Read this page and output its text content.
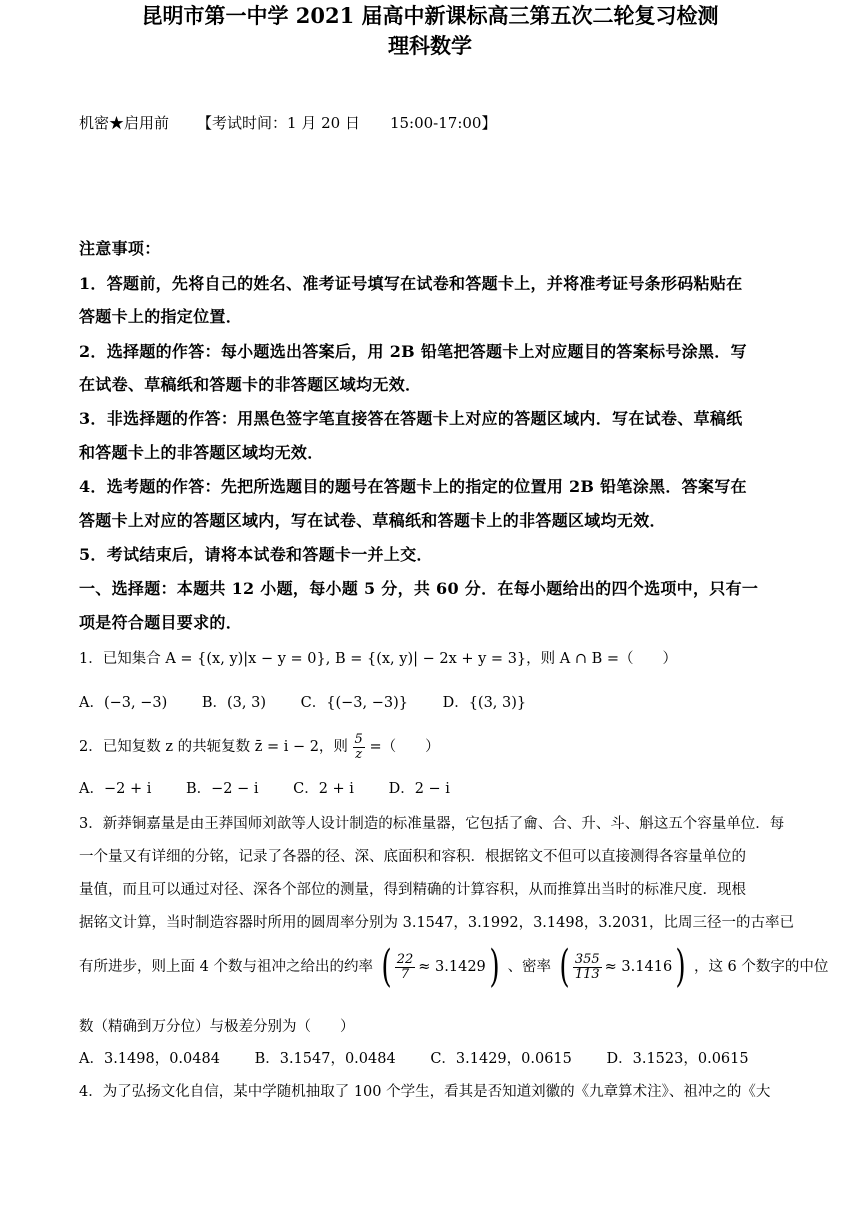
机密★启用前 【考试时间：1 月 20 日　　15:00-17:00】
昆明市第一中学 2021 届高中新课标高三第五次二轮复习检测
理科数学
注意事项：
1．答题前，先将自己的姓名、准考证号填写在试卷和答题卡上，并将准考证号条形码粘贴在
答题卡上的指定位置．
2．选择题的作答：每小题选出答案后，用 2B 铅笔把答题卡上对应题目的答案标号涂黑．写
在试卷、草稿纸和答题卡的非答题区域均无效．
3．非选择题的作答：用黑色签字笔直接答在答题卡上对应的答题区域内．写在试卷、草稿纸
和答题卡上的非答题区域均无效．
4．选考题的作答：先把所选题目的题号在答题卡上的指定的位置用 2B 铅笔涂黑．答案写在
答题卡上对应的答题区域内，写在试卷、草稿纸和答题卡上的非答题区域均无效．
5．考试结束后，请将本试卷和答题卡一并上交．
一、选择题：本题共 12 小题，每小题 5 分，共 60 分．在每小题给出的四个选项中，只有一
项是符合题目要求的．
1．已知集合 A = {(x, y)|x − y = 0}, B = {(x, y)| − 2x + y = 3}，则 A ∩ B =（　　）
A．(−3, −3) B．(3, 3) C．{(−3, −3)} D．{(3, 3)}
2．已知复数 z 的共轭复数 z̄ = i − 2，则 $\frac{5}{z}$ =（　　）
A．−2 + i B．−2 − i C．2 + i D．2 − i
3．新莽铜嘉量是由王莽国师刘歆等人设计制造的标准量器，它包括了龠、合、升、斗、斛这五个容量单位．每
一个量又有详细的分铭，记录了各器的径、深、底面积和容积．根据铭文不但可以直接测得各容量单位的
量值，而且可以通过对径、深各个部位的测量，得到精确的计算容积，从而推算出当时的标准尺度．现根
据铭文计算，当时制造容器时所用的圆周率分别为 3.1547，3.1992，3.1498，3.2031，比周三径一的古率已
有所进步，则上面 4 个数与祖冲之给出的约率 ( $\frac{22}{7} \approx 3.1429$ ) 、密率 ( $\frac{355}{113} \approx 3.1416$ ) ，这 6 个数字的中位
数（精确到万分位）与极差分别为（　　）
A．3.1498，0.0484 B．3.1547，0.0484 C．3.1429，0.0615 D．3.1523，0.0615
4．为了弘扬文化自信，某中学随机抽取了 100 个学生，看其是否知道刘徽的《九章算术注》、祖冲之的《大
